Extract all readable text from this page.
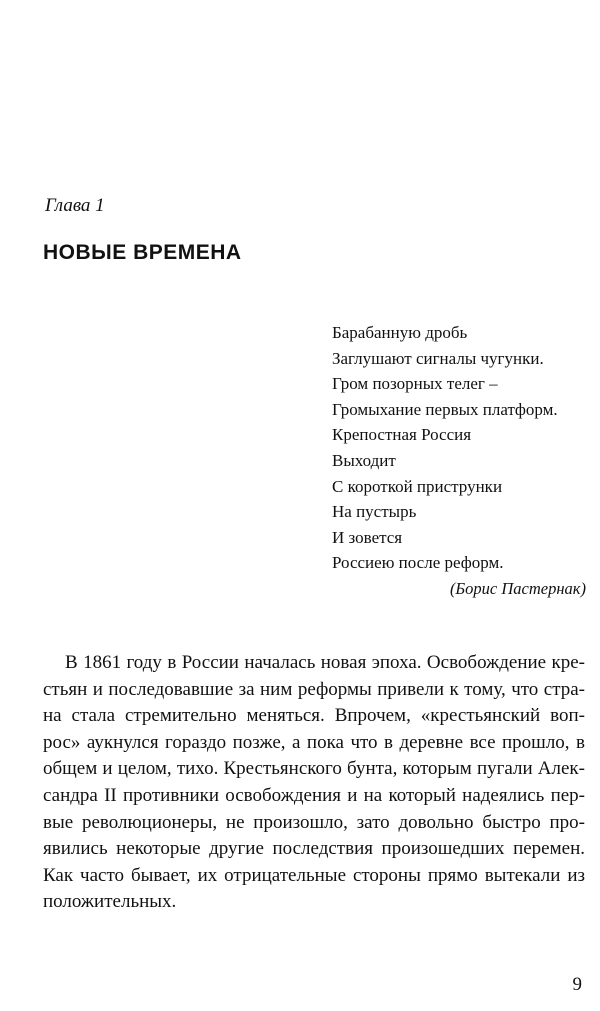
Глава 1
НОВЫЕ ВРЕМЕНА
Барабанную дробь
Заглушают сигналы чугунки.
Гром позорных телег –
Громыхание первых платформ.
Крепостная Россия
Выходит
С короткой приструнки
На пустырь
И зовется
Россиею после реформ.
(Борис Пастернак)
В 1861 году в России началась новая эпоха. Освобождение кре-
стьян и последовавшие за ним реформы привели к тому, что стра-
на стала стремительно меняться. Впрочем, «крестьянский воп-
рос» аукнулся гораздо позже, а пока что в деревне все прошло, в
общем и целом, тихо. Крестьянского бунта, которым пугали Алек-
сандра II противники освобождения и на который надеялись пер-
вые революционеры, не произошло, зато довольно быстро про-
явились некоторые другие последствия произошедших перемен.
Как часто бывает, их отрицательные стороны прямо вытекали из
положительных.
9
